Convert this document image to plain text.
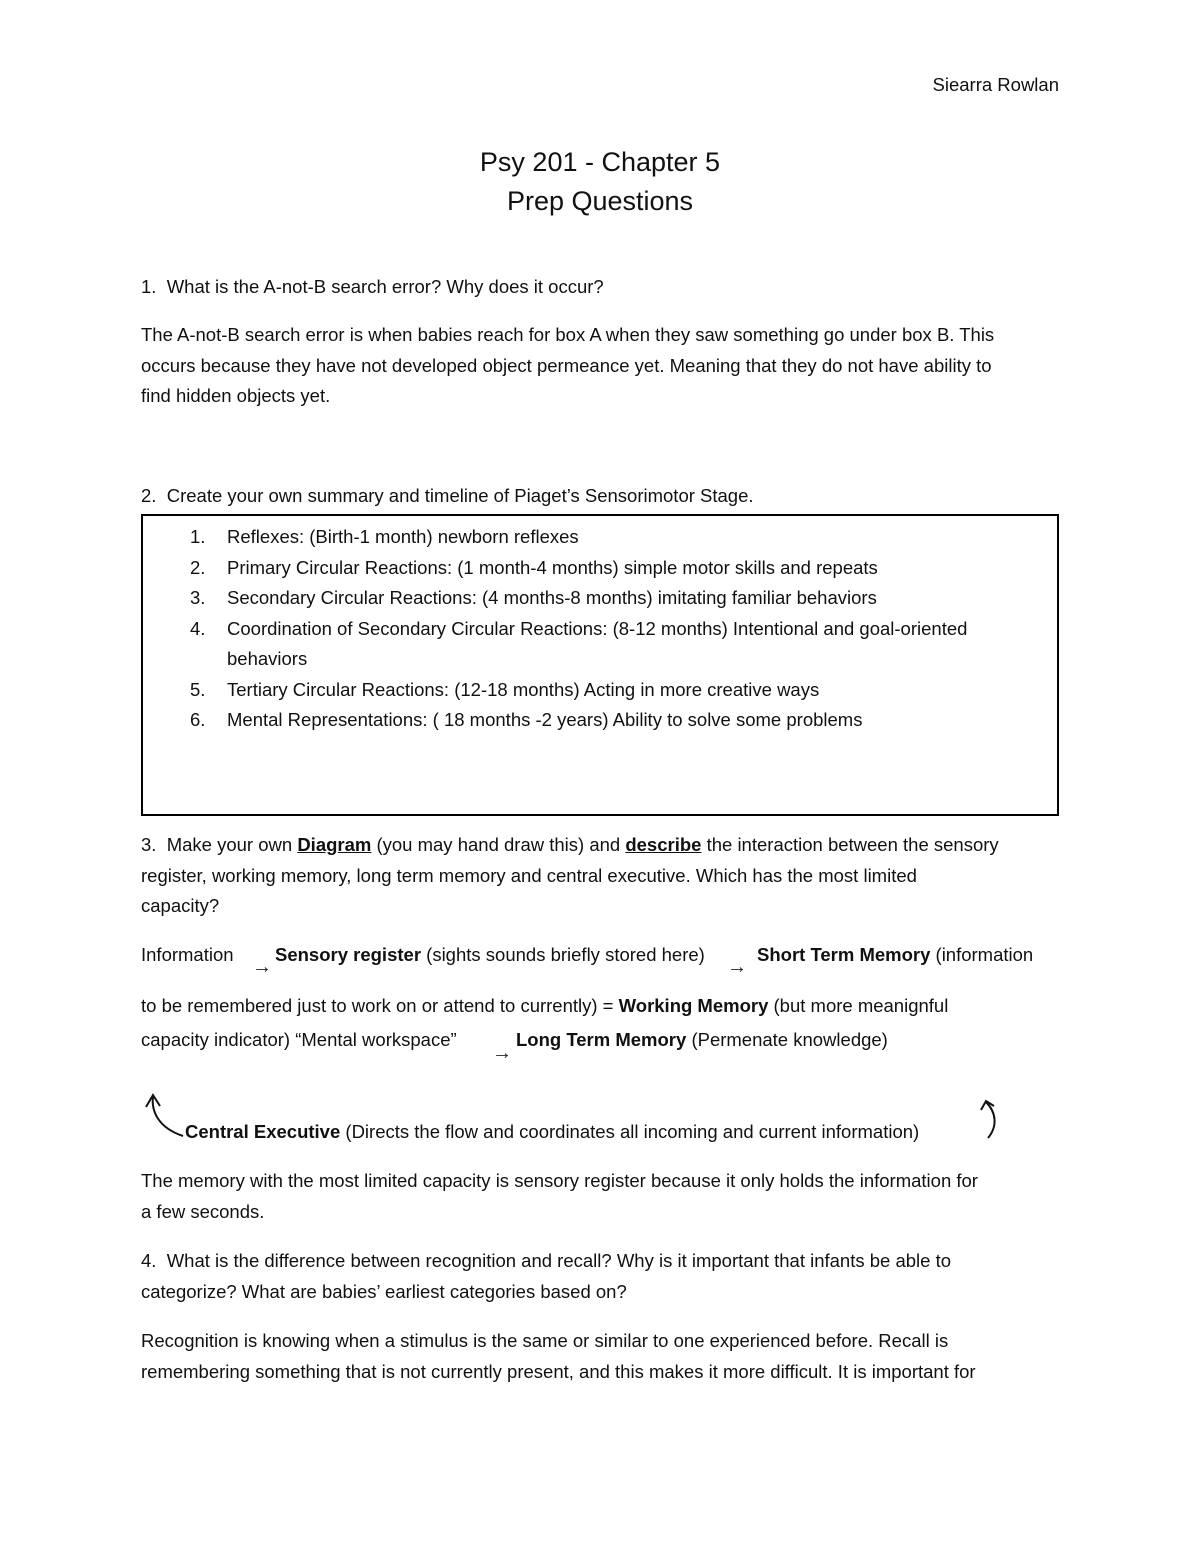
Siearra Rowlan
Psy 201 - Chapter 5
Prep Questions
1. What is the A-not-B search error? Why does it occur?
The A-not-B search error is when babies reach for box A when they saw something go under box B. This
occurs because they have not developed object permeance yet. Meaning that they do not have ability to
find hidden objects yet.
2. Create your own summary and timeline of Piaget’s Sensorimotor Stage.
1. Reflexes: (Birth-1 month) newborn reflexes
2. Primary Circular Reactions: (1 month-4 months) simple motor skills and repeats
3. Secondary Circular Reactions: (4 months-8 months) imitating familiar behaviors
4. Coordination of Secondary Circular Reactions: (8-12 months) Intentional and goal-oriented
behaviors
5. Tertiary Circular Reactions: (12-18 months) Acting in more creative ways
6. Mental Representations: ( 18 months -2 years) Ability to solve some problems
3. Make your own Diagram (you may hand draw this) and describe the interaction between the sensory
register, working memory, long term memory and central executive. Which has the most limited
capacity?
Information
→
Sensory register (sights sounds briefly stored here)
→
Short Term Memory (information
to be remembered just to work on or attend to currently) = Working Memory (but more meanignful
capacity indicator) “Mental workspace”
→
Long Term Memory (Permenate knowledge)
Central Executive (Directs the flow and coordinates all incoming and current information)
The memory with the most limited capacity is sensory register because it only holds the information for
a few seconds.
4. What is the difference between recognition and recall? Why is it important that infants be able to
categorize? What are babies’ earliest categories based on?
Recognition is knowing when a stimulus is the same or similar to one experienced before. Recall is
remembering something that is not currently present, and this makes it more difficult. It is important for
